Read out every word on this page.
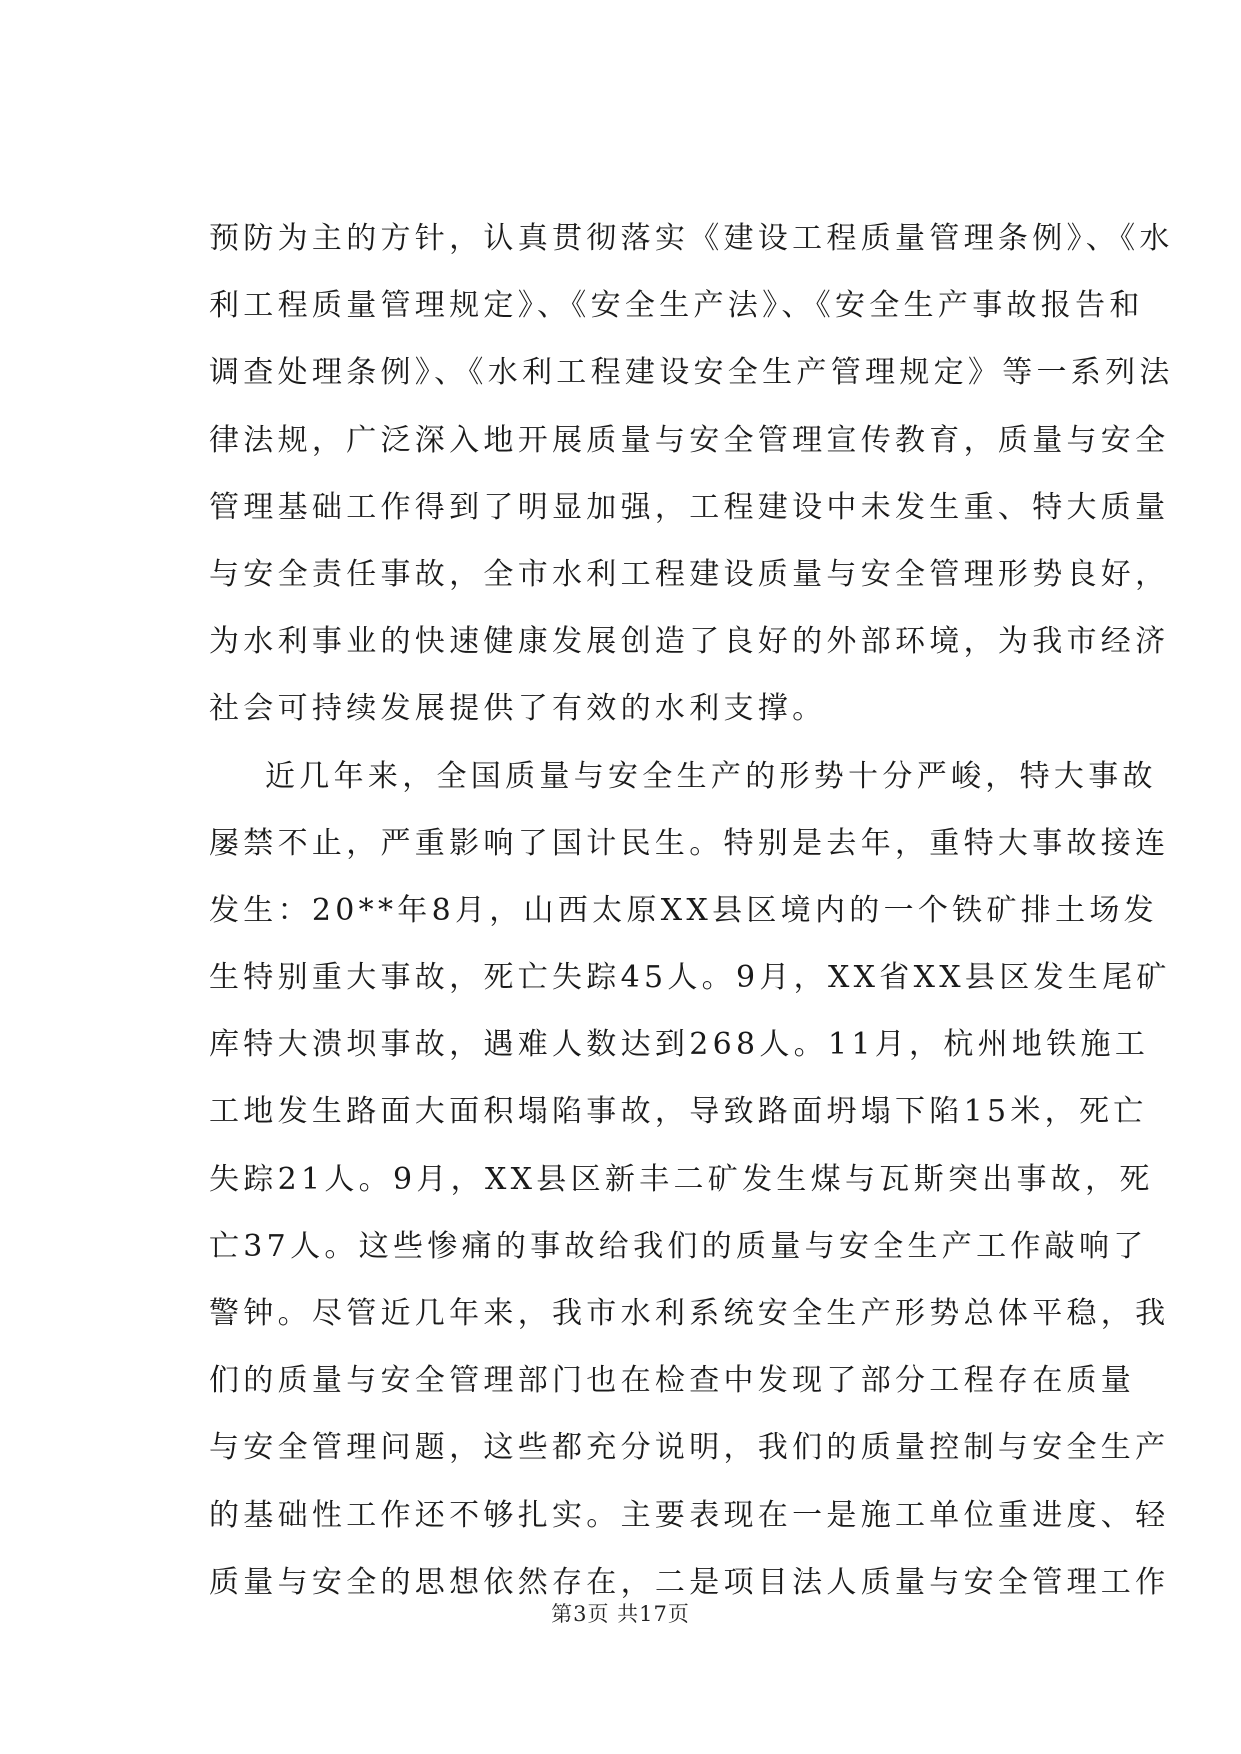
预防为主的方针，认真贯彻落实《建设工程质量管理条例》、《水
利工程质量管理规定》、《安全生产法》、《安全生产事故报告和
调查处理条例》、《水利工程建设安全生产管理规定》等一系列法
律法规，广泛深入地开展质量与安全管理宣传教育，质量与安全
管理基础工作得到了明显加强，工程建设中未发生重、特大质量
与安全责任事故，全市水利工程建设质量与安全管理形势良好，
为水利事业的快速健康发展创造了良好的外部环境，为我市经济
社会可持续发展提供了有效的水利支撑。
近几年来，全国质量与安全生产的形势十分严峻，特大事故
屡禁不止，严重影响了国计民生。特别是去年，重特大事故接连
发生：20**年8月，山西太原XX县区境内的一个铁矿排土场发
生特别重大事故，死亡失踪45人。9月，XX省XX县区发生尾矿
库特大溃坝事故，遇难人数达到268人。11月，杭州地铁施工
工地发生路面大面积塌陷事故，导致路面坍塌下陷15米，死亡
失踪21人。9月，XX县区新丰二矿发生煤与瓦斯突出事故，死
亡37人。这些惨痛的事故给我们的质量与安全生产工作敲响了
警钟。尽管近几年来，我市水利系统安全生产形势总体平稳，我
们的质量与安全管理部门也在检查中发现了部分工程存在质量
与安全管理问题，这些都充分说明，我们的质量控制与安全生产
的基础性工作还不够扎实。主要表现在一是施工单位重进度、轻
质量与安全的思想依然存在，二是项目法人质量与安全管理工作
第3页 共17页
